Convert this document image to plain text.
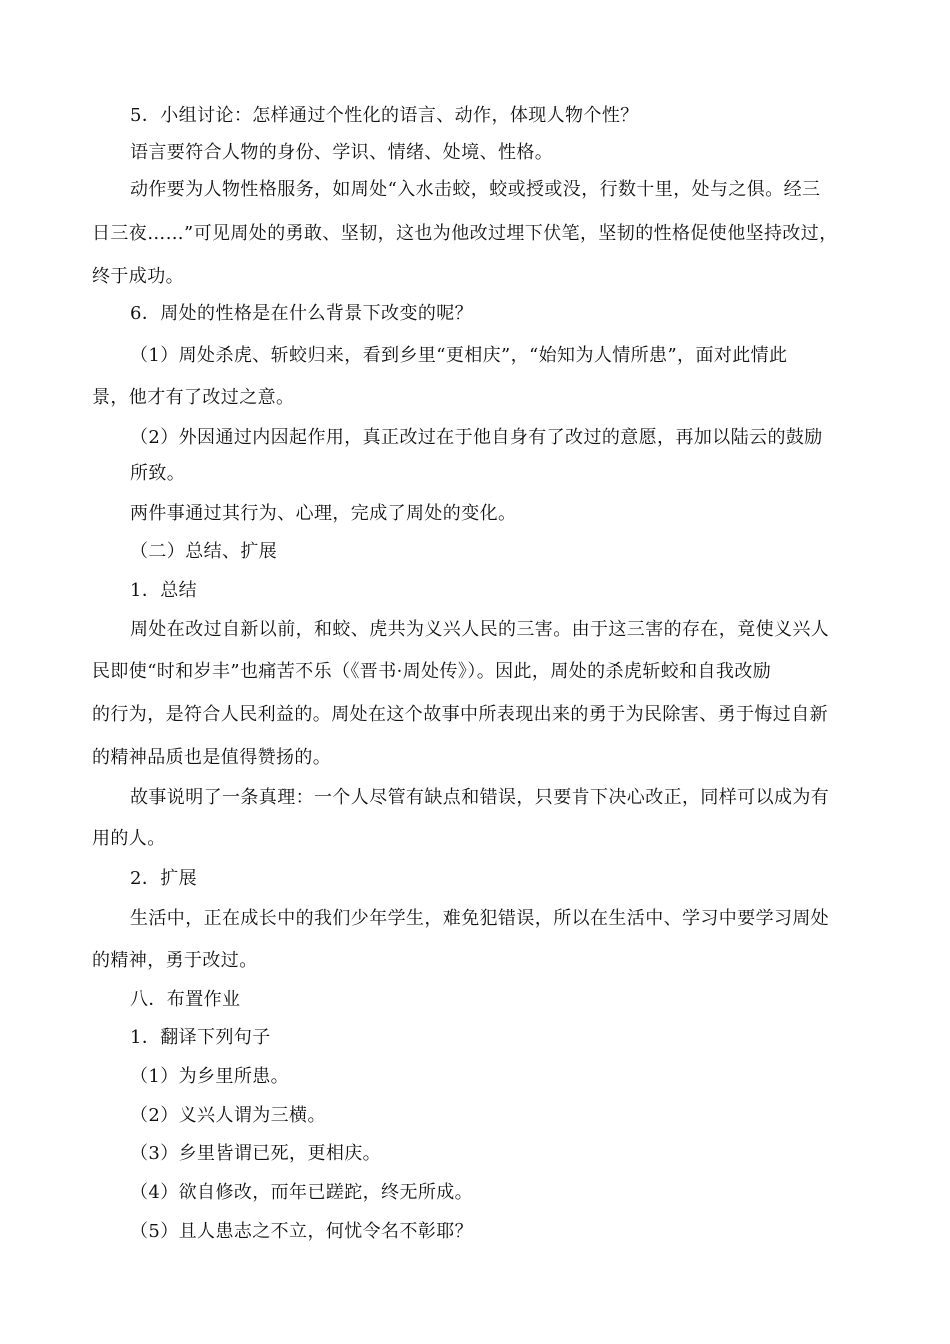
5．小组讨论：怎样通过个性化的语言、动作，体现人物个性？
语言要符合人物的身份、学识、情绪、处境、性格。
动作要为人物性格服务，如周处“入水击蛟，蛟或授或没，行数十里，处与之俱。经三
日三夜……”可见周处的勇敢、坚韧，这也为他改过埋下伏笔，坚韧的性格促使他坚持改过，
终于成功。
6．周处的性格是在什么背景下改变的呢？
（1）周处杀虎、斩蛟归来，看到乡里“更相庆”，“始知为人情所患”，面对此情此
景，他才有了改过之意。
（2）外因通过内因起作用，真正改过在于他自身有了改过的意愿，再加以陆云的鼓励
所致。
两件事通过其行为、心理，完成了周处的变化。
（二）总结、扩展
1．总结
周处在改过自新以前，和蛟、虎共为义兴人民的三害。由于这三害的存在，竟使义兴人
民即使“时和岁丰”也痛苦不乐（《晋书·周处传》）。因此，周处的杀虎斩蛟和自我改励
的行为，是符合人民利益的。周处在这个故事中所表现出来的勇于为民除害、勇于悔过自新
的精神品质也是值得赞扬的。
故事说明了一条真理：一个人尽管有缺点和错误，只要肯下决心改正，同样可以成为有
用的人。
2．扩展
生活中，正在成长中的我们少年学生，难免犯错误，所以在生活中、学习中要学习周处
的精神，勇于改过。
八．布置作业
1．翻译下列句子
（1）为乡里所患。
（2）义兴人谓为三横。
（3）乡里皆谓已死，更相庆。
（4）欲自修改，而年已蹉跎，终无所成。
（5）且人患志之不立，何忧令名不彰耶？
